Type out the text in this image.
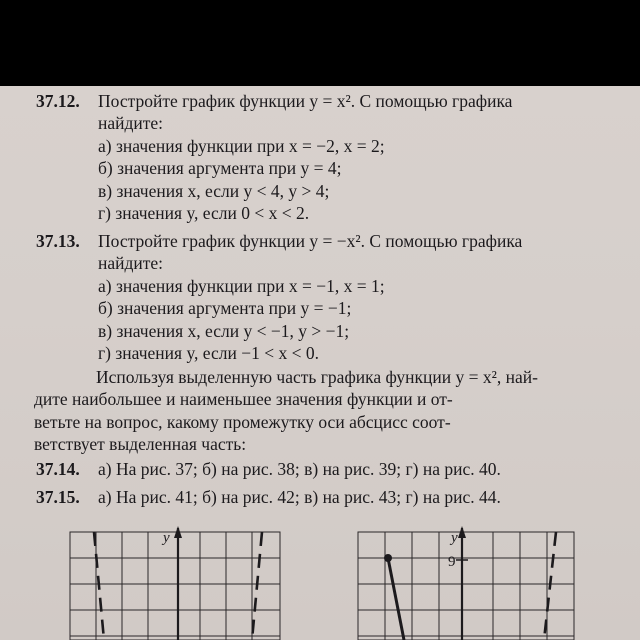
37.12. Постройте график функции y = x². С помощью графика
найдите:
а) значения функции при x = −2, x = 2;
б) значения аргумента при y = 4;
в) значения x, если y < 4, y > 4;
г) значения y, если 0 < x < 2.
37.13. Постройте график функции y = −x². С помощью графика
найдите:
а) значения функции при x = −1, x = 1;
б) значения аргумента при y = −1;
в) значения x, если y < −1, y > −1;
г) значения y, если −1 < x < 0.
Используя выделенную часть графика функции y = x², най-
дите наибольшее и наименьшее значения функции и от-
ветьте на вопрос, какому промежутку оси абсцисс соот-
ветствует выделенная часть:
37.14. а) На рис. 37; б) на рис. 38; в) на рис. 39; г) на рис. 40.
37.15. а) На рис. 41; б) на рис. 42; в) на рис. 43; г) на рис. 44.
y	y
9
